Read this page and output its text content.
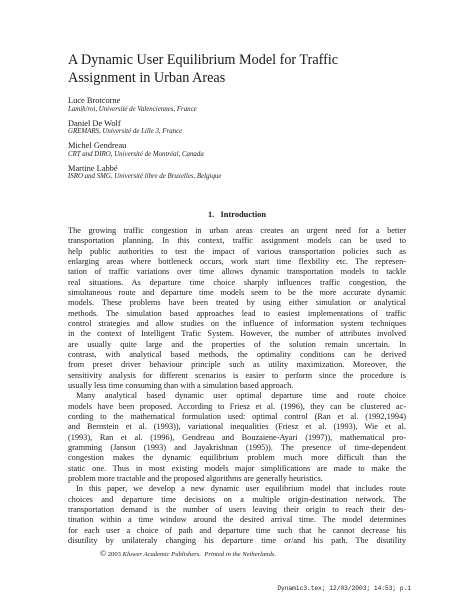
A Dynamic User Equilibrium Model for Traffic Assignment in Urban Areas
Luce Brotcorne
Lamih/roi, Université de Valenciennes, France
Daniel De Wolf
GREMARS, Université de Lille 3, France
Michel Gendreau
CRT and DIRO, Université de Montréal, Canada
Martine Labbé
ISRO and SMG, Université libre de Bruxelles, Belgique
1. Introduction
The growing traffic congestion in urban areas creates an urgent need for a better
transportation planning. In this context, traffic assignment models can be used to
help public authorities to test the impact of various transportation policies such as
enlarging areas where bottleneck occurs, work start time flexbility etc. The represen-
tation of traffic variations over time allows dynamic transportation models to tackle
real situations. As departure time choice sharply influences traffic congestion, the
simultaneous route and departure time models seem to be the more accurate dynamic
models. These problems have been treated by using either simulation or analytical
methods. The simulation based approaches lead to easiest implementations of traffic
control strategies and allow studies on the influence of information system techniques
in the context of Intelligent Trafic System. However, the number of attributes involved
are usually quite large and the properties of the solution remain uncertain. In
contrast, with analytical based methods, the optimality conditions can be derived
from preset driver behaviour principle such as utility maximization. Moreover, the
sensitivity analysis for different scenarios is easier to perform since the procedure is
usually less time consuming than with a simulation based approach.
Many analytical based dynamic user optimal departure time and route choice
models have been proposed. According to Friesz et al. (1996), they can be clustered ac-
cording to the mathematical formulation used: optimal control (Ran et al. (1992,1994)
and Bernstein et al. (1993)), variational inequalities (Friesz et al. (1993), Wie et al.
(1993), Ran et al. (1996), Gendreau and Bouzaiene-Ayari (1997)), mathematical pro-
gramming (Janson (1993) and Jayakrishnan (1995)). The presence of time-dependent
congestion makes the dynamic equilibrium problem much more difficult than the
static one. Thus in most existing models major simplifications are made to make the
problem more tractable and the proposed algorithms are generally heuristics.
In this paper, we develop a new dynamic user equilibrium model that includes route
choices and departure time decisions on a multiple origin-destination network. The
transportation demand is the number of users leaving their origin to reach their des-
tination within a time window around the desired arrival time. The model determines
for each user a choice of path and departure time such that he cannot decrease his
disutility by unilateraly changing his departure time or/and his path. The disutility
© 2003 Kluwer Academic Publishers. Printed in the Netherlands.
Dynamic3.tex; 12/03/2003; 14:53; p.1
